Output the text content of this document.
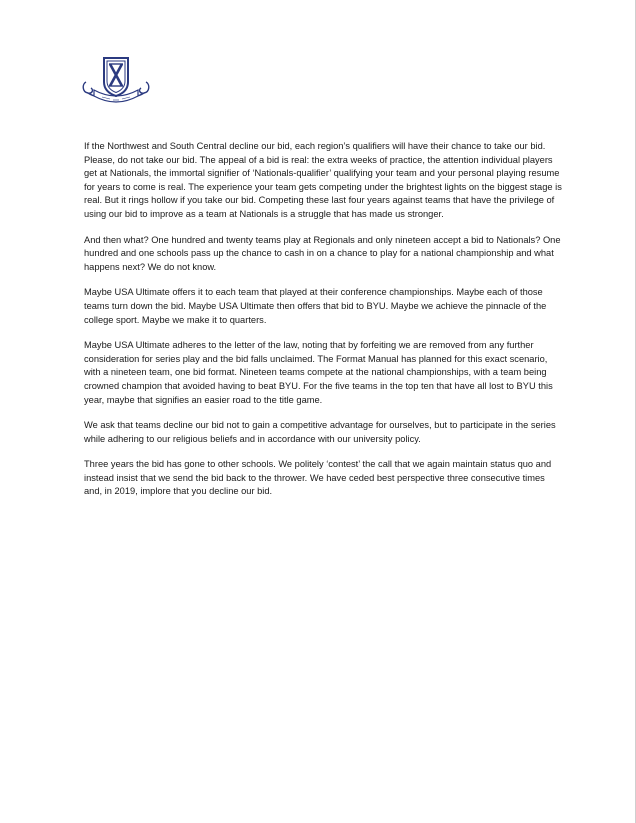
If the Northwest and South Central decline our bid, each region’s qualifiers will have their chance to take our bid. Please, do not take our bid. The appeal of a bid is real: the extra weeks of practice, the attention individual players get at Nationals, the immortal signifier of ‘Nationals-qualifier’ qualifying your team and your personal playing resume for years to come is real. The experience your team gets competing under the brightest lights on the biggest stage is real. But it rings hollow if you take our bid. Competing these last four years against teams that have the privilege of using our bid to improve as a team at Nationals is a struggle that has made us stronger.

And then what? One hundred and twenty teams play at Regionals and only nineteen accept a bid to Nationals? One hundred and one schools pass up the chance to cash in on a chance to play for a national championship and what happens next? We do not know.

Maybe USA Ultimate offers it to each team that played at their conference championships. Maybe each of those teams turn down the bid. Maybe USA Ultimate then offers that bid to BYU. Maybe we achieve the pinnacle of the college sport. Maybe we make it to quarters.

Maybe USA Ultimate adheres to the letter of the law, noting that by forfeiting we are removed from any further consideration for series play and the bid falls unclaimed. The Format Manual has planned for this exact scenario, with a nineteen team, one bid format. Nineteen teams compete at the national championships, with a team being crowned champion that avoided having to beat BYU. For the five teams in the top ten that have all lost to BYU this year, maybe that signifies an easier road to the title game.

We ask that teams decline our bid not to gain a competitive advantage for ourselves, but to participate in the series while adhering to our religious beliefs and in accordance with our university policy.

Three years the bid has gone to other schools. We politely ‘contest’ the call that we again maintain status quo and instead insist that we send the bid back to the thrower. We have ceded best perspective three consecutive times and, in 2019, implore that you decline our bid.
